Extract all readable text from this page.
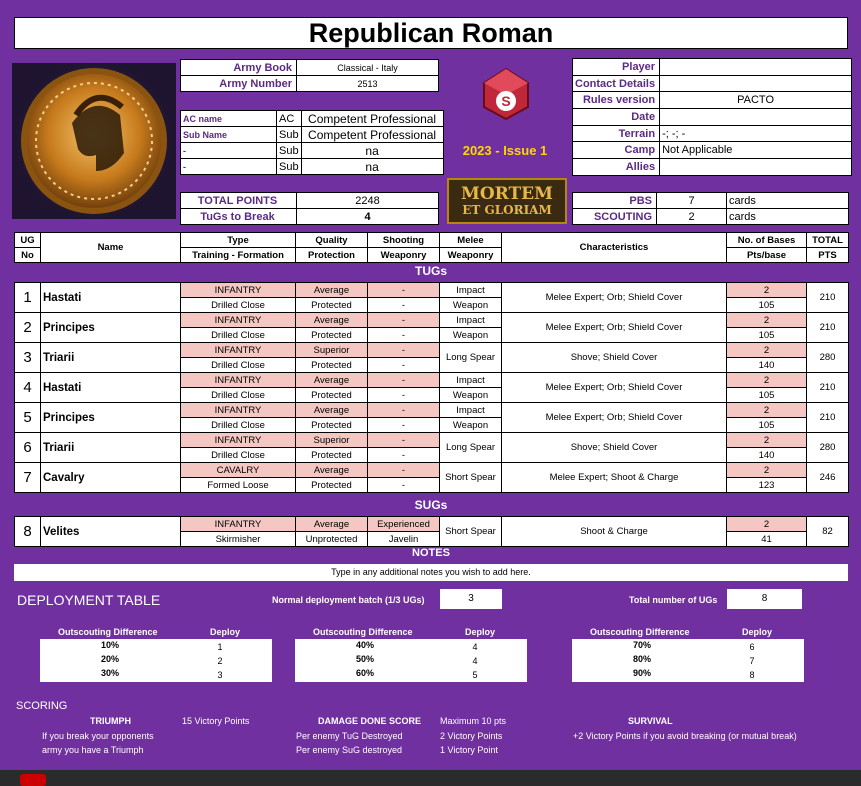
Republican Roman
Army Book	Classical - Italy
Army Number	2513
AC name	AC	Competent Professional
Sub Name	Sub	Competent Professional
-	Sub	na
-	Sub	na
TOTAL POINTS	2248
TuGs to Break	4
S
2023 - Issue 1
MORTEM
ET GLORIAM
Player	
Contact Details	
Rules version	PACTO
Date	
Terrain	-; -; -
Camp	Not Applicable
Allies	
PBS	7	cards
SCOUTING	2	cards
UG	Name	Type	Quality	Shooting	Melee	Characteristics	No. of Bases	TOTAL
No		Training - Formation	Protection	Weaponry	Weaponry		Pts/base	PTS
TUGs
1	Hastati	INFANTRY	Average	-	Impact	Melee Expert; Orb; Shield Cover	2	210
		Drilled Close	Protected	-	Weapon		105	
2	Principes	INFANTRY	Average	-	Impact	Melee Expert; Orb; Shield Cover	2	210
		Drilled Close	Protected	-	Weapon		105	
3	Triarii	INFANTRY	Superior	-	Long Spear	Shove; Shield Cover	2	280
		Drilled Close	Protected	-			140	
4	Hastati	INFANTRY	Average	-	Impact	Melee Expert; Orb; Shield Cover	2	210
		Drilled Close	Protected	-	Weapon		105	
5	Principes	INFANTRY	Average	-	Impact	Melee Expert; Orb; Shield Cover	2	210
		Drilled Close	Protected	-	Weapon		105	
6	Triarii	INFANTRY	Superior	-	Long Spear	Shove; Shield Cover	2	280
		Drilled Close	Protected	-			140	
7	Cavalry	CAVALRY	Average	-	Short Spear	Melee Expert; Shoot & Charge	2	246
		Formed Loose	Protected	-			123	
SUGs
8	Velites	INFANTRY	Average	Experienced	Short Spear	Shoot & Charge	2	82
		Skirmisher	Unprotected	Javelin			41	
NOTES
Type in any additional notes you wish to add here.
DEPLOYMENT TABLE	Normal deployment batch (1/3 UGs)	3	Total number of UGs	8
Outscouting Difference	Deploy
10%	1
20%	2
30%	3
Outscouting Difference	Deploy
40%	4
50%	4
60%	5
Outscouting Difference	Deploy
70%	6
80%	7
90%	8
SCORING
TRIUMPH	15 Victory Points
If you break your opponents
army you have a Triumph
DAMAGE DONE SCORE Maximum 10 pts
Per enemy TuG Destroyed	2 Victory Points
Per enemy SuG destroyed	1 Victory Point
SURVIVAL
+2 Victory Points if you avoid breaking (or mutual break)
